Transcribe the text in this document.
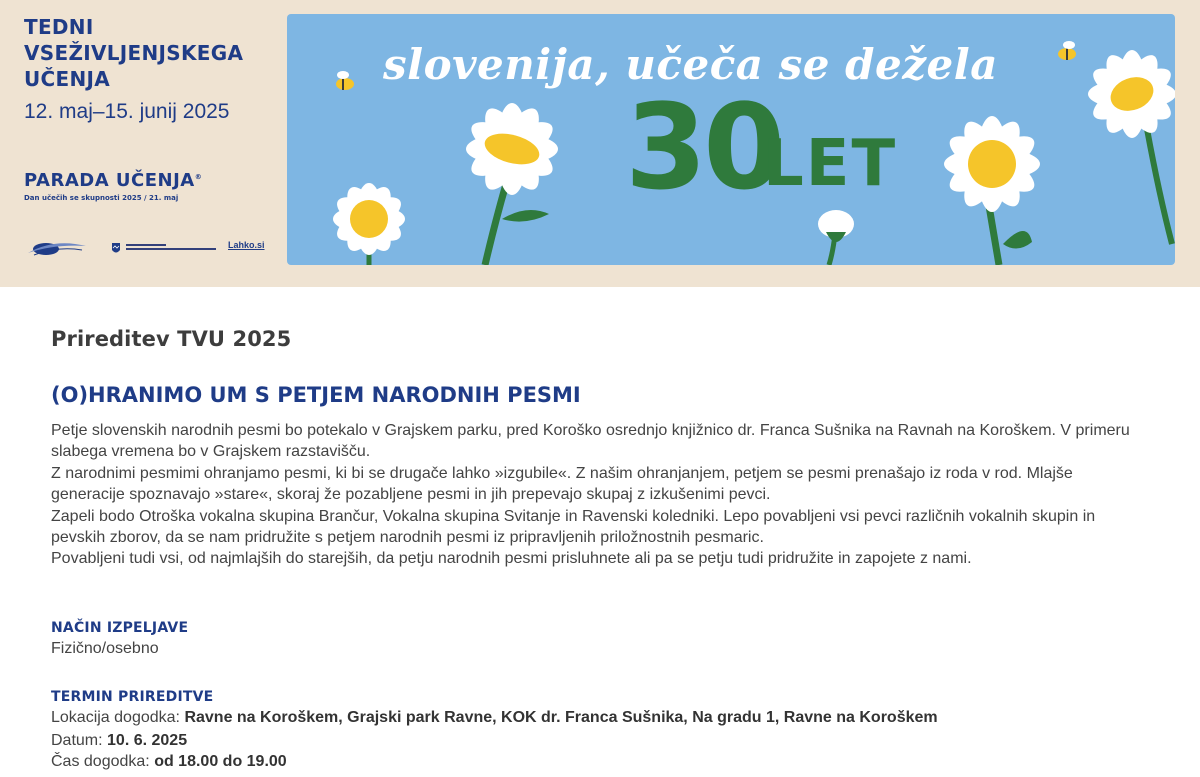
TEDNI
VSEŽIVLJENJSKEGA
UČENJA
12. maj–15. junij 2025
PARADA UČENJA®
Dan učečih se skupnosti 2025 / 21. maj
Lahko.si
slovenija, učeča se dežela
30
LET
Prireditev TVU 2025
(O)HRANIMO UM S PETJEM NARODNIH PESMI

Petje slovenskih narodnih pesmi bo potekalo v Grajskem parku, pred Koroško osrednjo knjižnico dr. Franca Sušnika na Ravnah na Koroškem. V primeru slabega vremena bo v Grajskem razstavišču.

Z narodnimi pesmimi ohranjamo pesmi, ki bi se drugače lahko »izgubile«. Z našim ohranjanjem, petjem se pesmi prenašajo iz roda v rod. Mlajše generacije spoznavajo »stare«, skoraj že pozabljene pesmi in jih prepevajo skupaj z izkušenimi pevci.

Zapeli bodo Otroška vokalna skupina Brančur, Vokalna skupina Svitanje in Ravenski koledniki. Lepo povabljeni vsi pevci različnih vokalnih skupin in pevskih zborov, da se nam pridružite s petjem narodnih pesmi iz pripravljenih priložnostnih pesmaric.

Povabljeni tudi vsi, od najmlajših do starejših, da petju narodnih pesmi prisluhnete ali pa se petju tudi pridružite in zapojete z nami.

NAČIN IZPELJAVE
Fizično/osebno
TERMIN PRIREDITVE
Lokacija dogodka: Ravne na Koroškem, Grajski park Ravne, KOK dr. Franca Sušnika, Na gradu 1, Ravne na Koroškem
Datum: 10. 6. 2025
Čas dogodka: od 18.00 do 19.00
